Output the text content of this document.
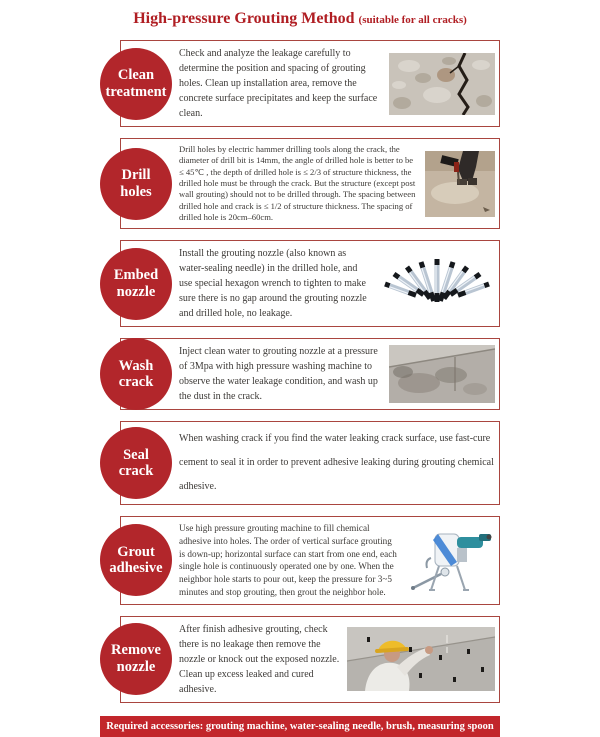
High-pressure Grouting Method (suitable for all cracks)
Clean treatment

Check and analyze the leakage carefully to determine the position and spacing of grouting holes. Clean up installation area, remove the concrete surface precipitates and keep the surface clean.

Drill holes

Drill holes by electric hammer drilling tools along the crack, the diameter of drill bit is 14mm, the angle of drilled hole is better to be ≤ 45℃ , the depth of drilled hole is ≤ 2/3 of structure thickness, the drilled hole must be through the crack. But the structure (except post wall grouting) should not to be drilled through. The spacing between drilled hole and crack is ≤ 1/2 of structure thickness. The spacing of drilled hole is 20cm–60cm.

Embed nozzle

Install the grouting nozzle (also known as water-sealing needle) in the drilled hole, and use special hexagon wrench to tighten to make sure there is no gap around the grouting nozzle and drilled hole, no leakage.

Wash crack

Inject clean water to grouting nozzle at a pressure of 3Mpa with high pressure washing machine to observe the water leakage condition, and wash up the dust in the crack.

Seal crack

When washing crack if you find the water leaking crack surface, use fast-cure cement to seal it in order to prevent adhesive leaking during grouting chemical adhesive.

Grout adhesive

Use high pressure grouting machine to fill chemical adhesive into holes. The order of vertical surface grouting is down-up; horizontal surface can start from one end, each single hole is continuously operated one by one. When the neighbor hole starts to pour out, keep the pressure for 3~5 minutes and stop grouting, then grout the neighbor hole.

Remove nozzle

After finish adhesive grouting, check there is no leakage then remove the nozzle or knock out the exposed nozzle. Clean up excess leaked and cured adhesive.

Required accessories: grouting machine, water-sealing needle, brush, measuring spoon
